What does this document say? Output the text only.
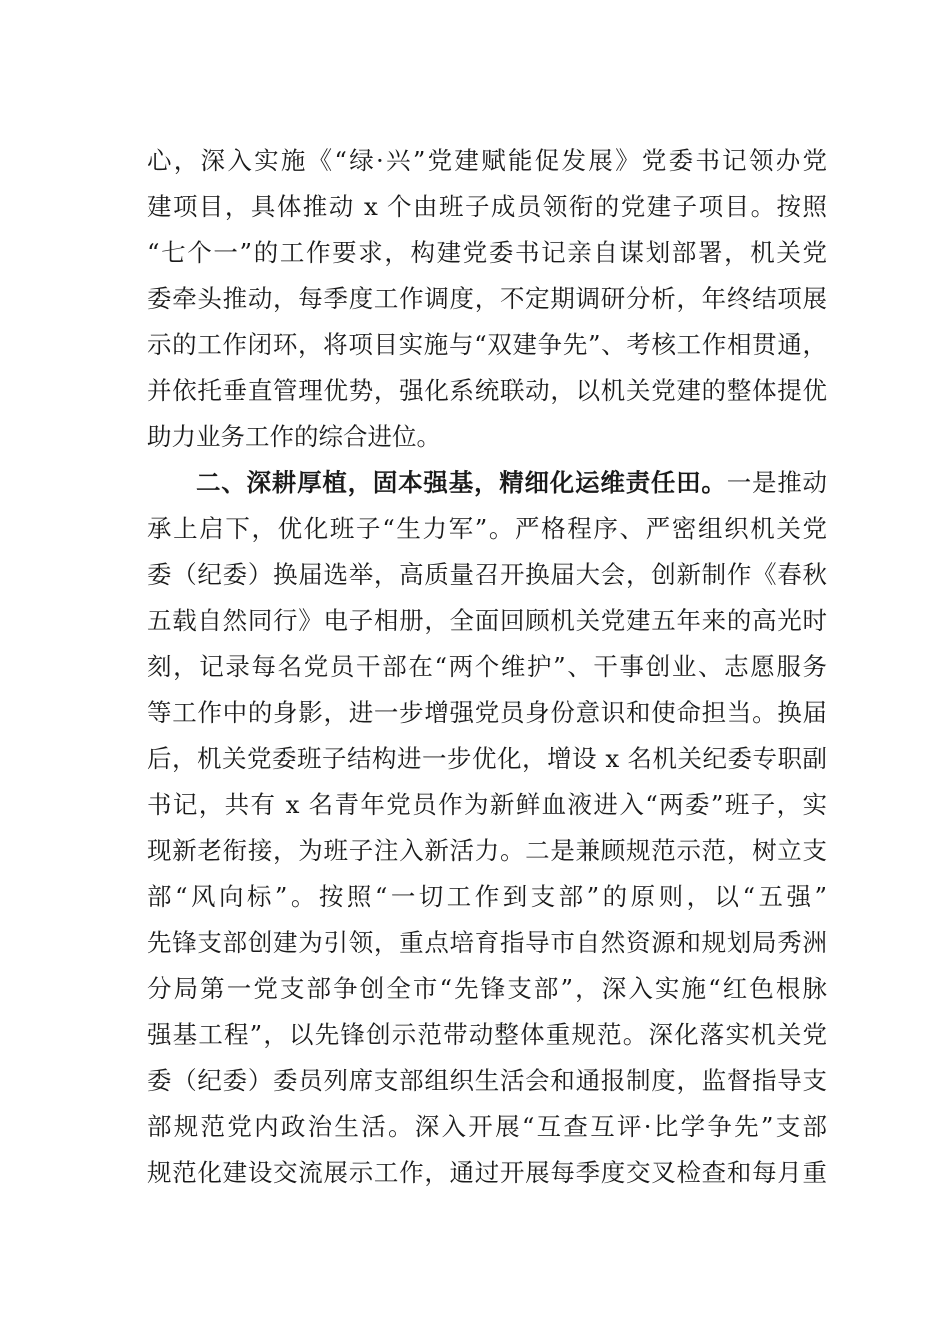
心，深入实施《“绿·兴”党建赋能促发展》党委书记领办党
建项目，具体推动 x 个由班子成员领衔的党建子项目。按照
“七个一”的工作要求，构建党委书记亲自谋划部署，机关党
委牵头推动，每季度工作调度，不定期调研分析，年终结项展
示的工作闭环，将项目实施与“双建争先”、考核工作相贯通，
并依托垂直管理优势，强化系统联动，以机关党建的整体提优
助力业务工作的综合进位。
二、深耕厚植，固本强基，精细化运维责任田。一是推动
承上启下，优化班子“生力军”。严格程序、严密组织机关党
委（纪委）换届选举，高质量召开换届大会，创新制作《春秋
五载自然同行》电子相册，全面回顾机关党建五年来的高光时
刻，记录每名党员干部在“两个维护”、干事创业、志愿服务
等工作中的身影，进一步增强党员身份意识和使命担当。换届
后，机关党委班子结构进一步优化，增设 x 名机关纪委专职副
书记，共有 x 名青年党员作为新鲜血液进入“两委”班子，实
现新老衔接，为班子注入新活力。二是兼顾规范示范，树立支
部“风向标”。按照“一切工作到支部”的原则，以“五强”
先锋支部创建为引领，重点培育指导市自然资源和规划局秀洲
分局第一党支部争创全市“先锋支部”，深入实施“红色根脉
强基工程”，以先锋创示范带动整体重规范。深化落实机关党
委（纪委）委员列席支部组织生活会和通报制度，监督指导支
部规范党内政治生活。深入开展“互查互评·比学争先”支部
规范化建设交流展示工作，通过开展每季度交叉检查和每月重
